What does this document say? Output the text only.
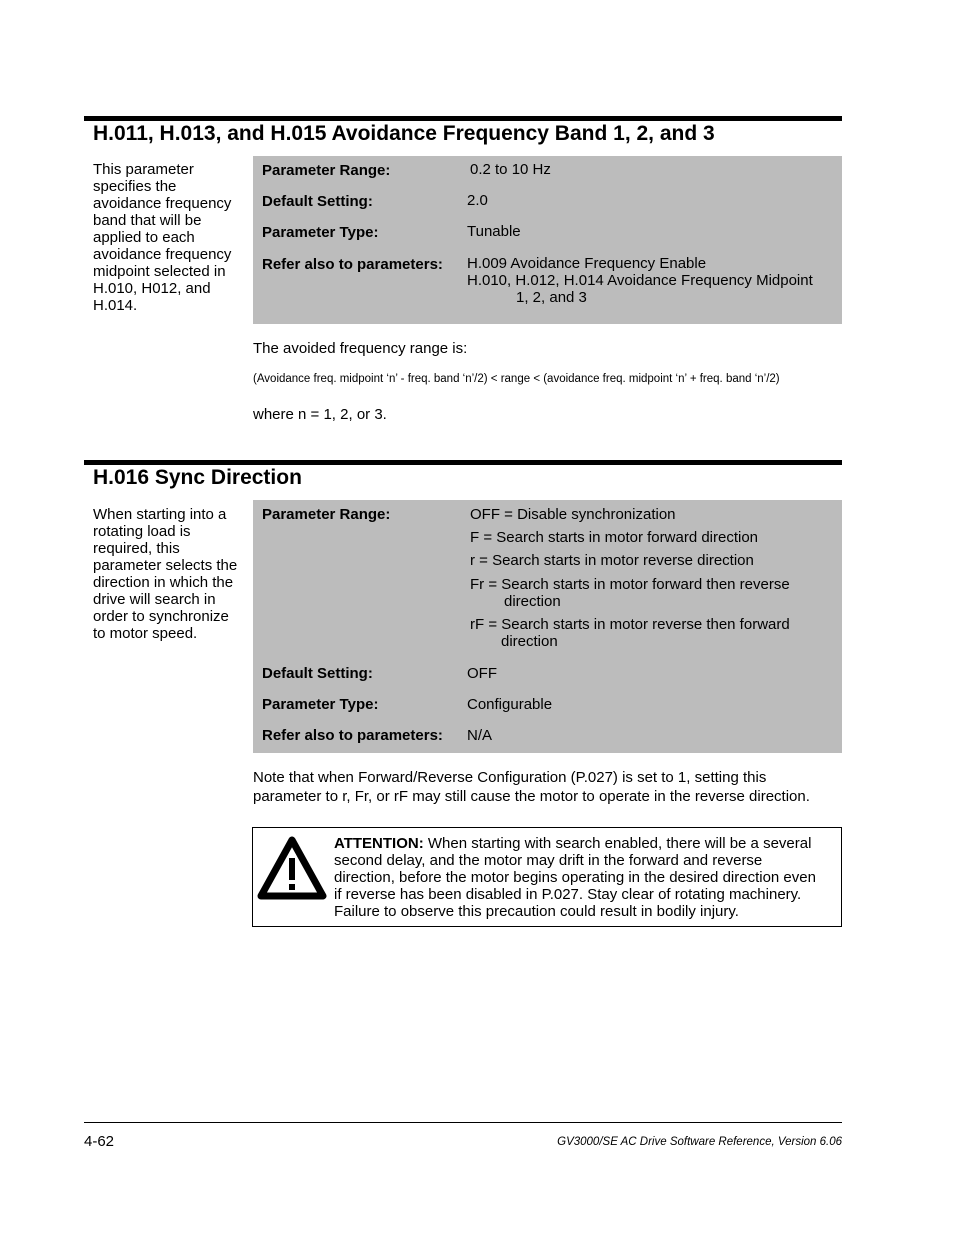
H.011, H.013, and H.015 Avoidance Frequency Band 1, 2, and 3
This parameter specifies the avoidance frequency band that will be applied to each avoidance frequency midpoint selected in H.010, H012, and H.014.
Parameter Range:	0.2 to 10 Hz
Default Setting:	2.0
Parameter Type:	Tunable
Refer also to parameters: H.009 Avoidance Frequency Enable
H.010, H.012, H.014 Avoidance Frequency Midpoint
1, 2, and 3
The avoided frequency range is:
(Avoidance freq. midpoint ‘n’ - freq. band ‘n’/2) < range < (avoidance freq. midpoint ‘n’ + freq. band ‘n’/2)
where n = 1, 2, or 3.
H.016 Sync Direction
When starting into a rotating load is required, this parameter selects the direction in which the drive will search in order to synchronize to motor speed.
Parameter Range:	OFF = Disable synchronization
F = Search starts in motor forward direction
r = Search starts in motor reverse direction
Fr = Search starts in motor forward then reverse
direction
rF = Search starts in motor reverse then forward
direction
Default Setting:	OFF
Parameter Type:	Configurable
Refer also to parameters: N/A
Note that when Forward/Reverse Configuration (P.027) is set to 1, setting this parameter to r, Fr, or rF may still cause the motor to operate in the reverse direction.
ATTENTION: When starting with search enabled, there will be a several second delay, and the motor may drift in the forward and reverse direction, before the motor begins operating in the desired direction even if reverse has been disabled in P.027. Stay clear of rotating machinery. Failure to observe this precaution could result in bodily injury.
4-62	GV3000/SE AC Drive Software Reference, Version 6.06
